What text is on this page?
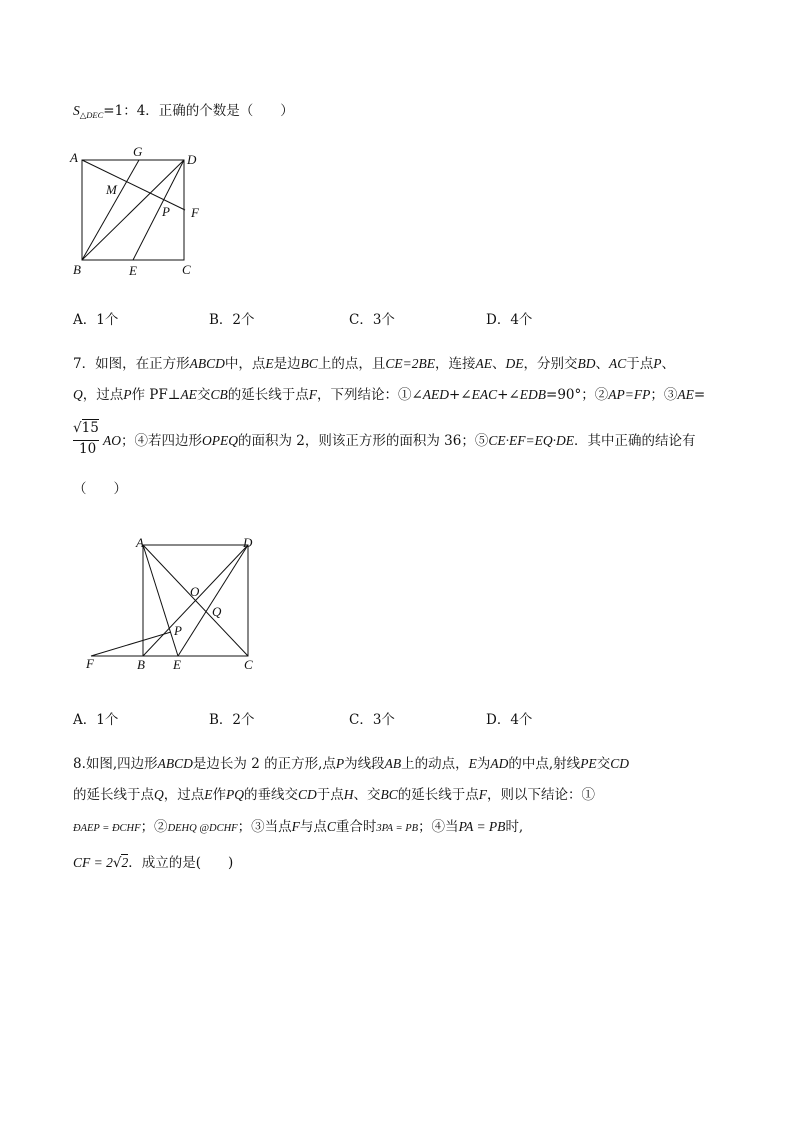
$S_{\triangle DEC}=1$：4．正确的个数是（　　）
A	G
D
M
P F
B	E	C
A．1个	B．2个	C．3个	D．4个
7．如图，在正方形ABCD中，点E是边BC上的点，且CE=2BE，连接AE、DE，分别交BD、AC于点P、
Q，过点P作 PF⊥AE交CB的延长线于点F，下列结论：①∠AED+∠EAC+∠EDB=90°；②AP=FP；③AE=
√15
10
AO；④若四边形OPEQ的面积为 2，则该正方形的面积为 36；⑤CE·EF=EQ·DE．其中正确的结论有
（　　）
A	D
O
Q
P
F	B E	C
A．1个	B．2个	C．3个	D．4个
8.如图,四边形ABCD是边长为 2 的正方形,点P为线段AB上的动点，E为AD的中点,射线PE交CD
的延长线于点Q，过点E作PQ的垂线交CD于点H、交BC的延长线于点F，则以下结论：①
ÐAEP = ÐCHF；②DEHQ @DCHF；③当点F与点C重合时3PA = PB；④当PA = PB时,
CF = 2√2．成立的是(　　)
